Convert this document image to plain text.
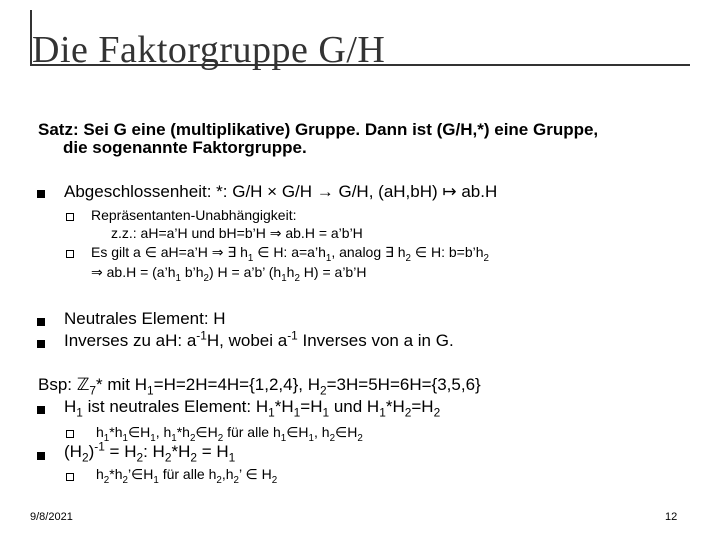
Die Faktorgruppe G/H
Satz: Sei G eine (multiplikative) Gruppe. Dann ist (G/H,*) eine Gruppe,
die sogenannte Faktorgruppe.
Abgeschlossenheit: *: G/H × G/H → G/H, (aH,bH) ↦ ab.H
Repräsentanten-Unabhängigkeit:
z.z.: aH=a’H und bH=b’H ⇒ ab.H = a’b’H
Es gilt a ∈ aH=a’H ⇒ ∃ $h_1$ ∈ H: $a=a’h_1$, analog ∃ $h_2$ ∈ H: $b=b’h_2$
⇒ $ab.H = (a’h_1$ $b’h_2$) H = a’b’ ($h_1h_2$ H) = a’b’H
Neutrales Element: H
Inverses zu aH: $a^{-1}H$, wobei $a^{-1}$ Inverses von a in G.
Bsp: ℤ$_7$* mit $H_1=H=2H=4H=\{1,2,4\}$, $H_2=3H=5H=6H=\{3,5,6\}$
$H_1$ ist neutrales Element: $H_1*H_1=H_1$ und $H_1*H_2=H_2$
$h_1*h_1\in H_1$, $h_1*h_2\in H_2$ für alle $h_1\in H_1$, $h_2\in H_2$
$(H_2)^{-1} = H_2$: $H_2*H_2 = H_1$
$h_2*h_2’\in H_1$ für alle $h_2,h_2$’ ∈ $H_2$
9/8/2021	12
